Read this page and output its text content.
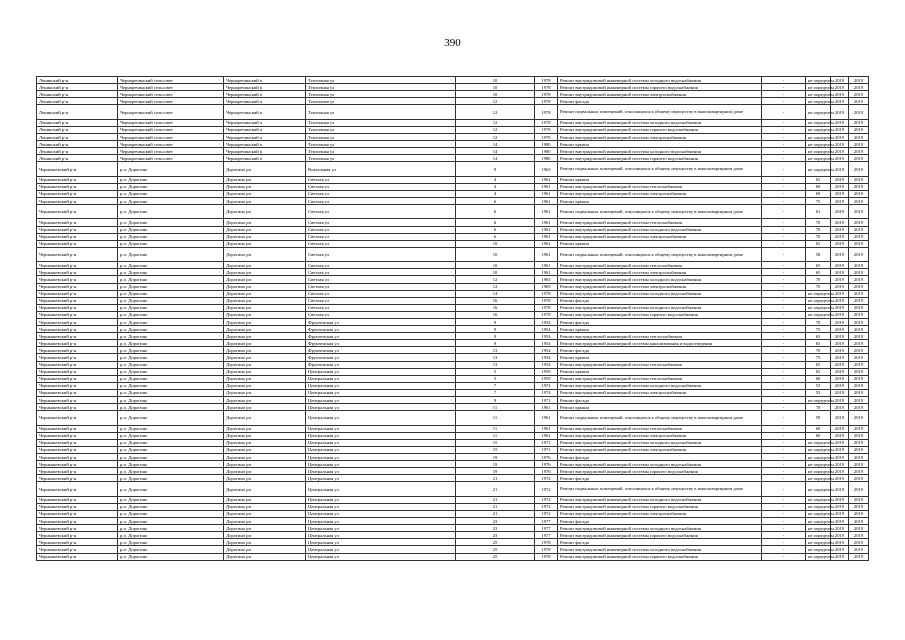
390
Ленинский р-н	Черноречинский сельсовет	Черноречинский п	Тепличная ул	10	1978	Ремонт внутридомовой инженерной системы холодного водоснабжения	-	не определен	2019	2019
Ленинский р-н	Черноречинский сельсовет	Черноречинский п	Тепличная ул	10	1978	Ремонт внутридомовой инженерной системы горячего водоснабжения	-	не определен	2019	2019
Ленинский р-н	Черноречинский сельсовет	Черноречинский п	Тепличная ул	10	1978	Ремонт внутридомовой инженерной системы электроснабжения	-	не определен	2019	2019
Ленинский р-н	Черноречинский сельсовет	Черноречинский п	Тепличная ул	12	1978	Ремонт фасада	-	не определен	2019	2019
Ленинский р-н	Черноречинский сельсовет	Черноречинский п	Тепличная ул	12	1978	Ремонт подвальных помещений, относящихся к общему имуществу в многоквартирном доме	-	не определен	2019	2019
Ленинский р-н	Черноречинский сельсовет	Черноречинский п	Тепличная ул	12	1978	Ремонт внутридомовой инженерной системы холодного водоснабжения	-	не определен	2019	2019
Ленинский р-н	Черноречинский сельсовет	Черноречинский п	Тепличная ул	12	1978	Ремонт внутридомовой инженерной системы горячего водоснабжения	-	не определен	2019	2019
Ленинский р-н	Черноречинский сельсовет	Черноречинский п	Тепличная ул	12	1978	Ремонт внутридомовой инженерной системы электроснабжения	-	не определен	2019	2019
Ленинский р-н	Черноречинский сельсовет	Черноречинский п	Тепличная ул	14	1980	Ремонт крыши	-	не определен	2019	2019
Ленинский р-н	Черноречинский сельсовет	Черноречинский п	Тепличная ул	14	1980	Ремонт внутридомовой инженерной системы холодного водоснабжения	-	не определен	2019	2019
Ленинский р-н	Черноречинский сельсовет	Черноречинский п	Тепличная ул	14	1980	Ремонт внутридомовой инженерной системы горячего водоснабжения	-	не определен	2019	2019
Чернышевский р-н	р.п. Дорогино	Дорогино рп	Вокзальная ул	9	1963	Ремонт подвальных помещений, относящихся к общему имуществу в многоквартирном доме	-	не определен	2019	2019
Чернышевский р-н	р.п. Дорогино	Дорогино рп	Светлая ул	4	1961	Ремонт крыши	-	65	2019	2019
Чернышевский р-н	р.п. Дорогино	Дорогино рп	Светлая ул	4	1961	Ремонт внутридомовой инженерной системы теплоснабжения	-	69	2019	2019
Чернышевский р-н	р.п. Дорогино	Дорогино рп	Светлая ул	4	1961	Ремонт внутридомовой инженерной системы электроснабжения	-	69	2019	2019
Чернышевский р-н	р.п. Дорогино	Дорогино рп	Светлая ул	6	1961	Ремонт крыши	-	75	2019	2019
Чернышевский р-н	р.п. Дорогино	Дорогино рп	Светлая ул	6	1961	Ремонт подвальных помещений, относящихся к общему имуществу в многоквартирном доме	-	61	2019	2019
Чернышевский р-н	р.п. Дорогино	Дорогино рп	Светлая ул	6	1961	Ремонт внутридомовой инженерной системы теплоснабжения	-	70	2019	2019
Чернышевский р-н	р.п. Дорогино	Дорогино рп	Светлая ул	6	1961	Ремонт внутридомовой инженерной системы холодного водоснабжения	-	70	2019	2019
Чернышевский р-н	р.п. Дорогино	Дорогино рп	Светлая ул	6	1961	Ремонт внутридомовой инженерной системы электроснабжения	-	70	2019	2019
Чернышевский р-н	р.п. Дорогино	Дорогино рп	Светлая ул	10	1961	Ремонт крыши	-	65	2019	2019
Чернышевский р-н	р.п. Дорогино	Дорогино рп	Светлая ул	10	1961	Ремонт подвальных помещений, относящихся к общему имуществу в многоквартирном доме	-	58	2019	2019
Чернышевский р-н	р.п. Дорогино	Дорогино рп	Светлая ул	10	1961	Ремонт внутридомовой инженерной системы теплоснабжения	-	65	2019	2019
Чернышевский р-н	р.п. Дорогино	Дорогино рп	Светлая ул	10	1961	Ремонт внутридомовой инженерной системы электроснабжения	-	65	2019	2019
Чернышевский р-н	р.п. Дорогино	Дорогино рп	Светлая ул	12	1965	Ремонт внутридомовой инженерной системы холодного водоснабжения	-	70	2019	2019
Чернышевский р-н	р.п. Дорогино	Дорогино рп	Светлая ул	12	1965	Ремонт внутридомовой инженерной системы электроснабжения	-	70	2019	2019
Чернышевский р-н	р.п. Дорогино	Дорогино рп	Светлая ул	14	1978	Ремонт внутридомовой инженерной системы холодного водоснабжения	-	не определен	2019	2019
Чернышевский р-н	р.п. Дорогино	Дорогино рп	Светлая ул	16	1978	Ремонт фасада	-	не определен	2019	2019
Чернышевский р-н	р.п. Дорогино	Дорогино рп	Светлая ул	16	1978	Ремонт внутридомовой инженерной системы холодного водоснабжения	-	не определен	2019	2019
Чернышевский р-н	р.п. Дорогино	Дорогино рп	Светлая ул	16	1978	Ремонт внутридомовой инженерной системы горячего водоснабжения	-	не определен	2019	2019
Чернышевский р-н	р.п. Дорогино	Дорогино рп	Фрунзенская ул	9	1954	Ремонт фасада	-	70	2019	2019
Чернышевский р-н	р.п. Дорогино	Дорогино рп	Фрунзенская ул	9	1954	Ремонт крыши	-	75	2019	2019
Чернышевский р-н	р.п. Дорогино	Дорогино рп	Фрунзенская ул	9	1954	Ремонт внутридомовой инженерной системы теплоснабжения	-	65	2019	2019
Чернышевский р-н	р.п. Дорогино	Дорогино рп	Фрунзенская ул	9	1954	Ремонт внутридомовой инженерной системы канализования и водоотведения	-	65	2019	2019
Чернышевский р-н	р.п. Дорогино	Дорогино рп	Фрунзенская ул	13	1954	Ремонт фасада	-	70	2019	2019
Чернышевский р-н	р.п. Дорогино	Дорогино рп	Фрунзенская ул	13	1954	Ремонт крыши	-	75	2019	2019
Чернышевский р-н	р.п. Дорогино	Дорогино рп	Фрунзенская ул	13	1954	Ремонт внутридомовой инженерной системы теплоснабжения	-	65	2019	2019
Чернышевский р-н	р.п. Дорогино	Дорогино рп	Центральная ул	5	1959	Ремонт крыши	-	65	2019	2019
Чернышевский р-н	р.п. Дорогино	Дорогино рп	Центральная ул	5	1959	Ремонт внутридомовой инженерной системы теплоснабжения	-	60	2019	2019
Чернышевский р-н	р.п. Дорогино	Дорогино рп	Центральная ул	7	1974	Ремонт внутридомовой инженерной системы холодного водоснабжения	-	53	2019	2019
Чернышевский р-н	р.п. Дорогино	Дорогино рп	Центральная ул	7	1974	Ремонт внутридомовой инженерной системы электроснабжения	-	53	2019	2019
Чернышевский р-н	р.п. Дорогино	Дорогино рп	Центральная ул	9	1971	Ремонт фасада	-	не определен	2019	2019
Чернышевский р-н	р.п. Дорогино	Дорогино рп	Центральная ул	11	1961	Ремонт крыши	-	70	2019	2019
Чернышевский р-н	р.п. Дорогино	Дорогино рп	Центральная ул	11	1961	Ремонт подвальных помещений, относящихся к общему имуществу в многоквартирном доме	-	59	2019	2019
Чернышевский р-н	р.п. Дорогино	Дорогино рп	Центральная ул	11	1961	Ремонт внутридомовой инженерной системы теплоснабжения	-	60	2019	2019
Чернышевский р-н	р.п. Дорогино	Дорогино рп	Центральная ул	11	1961	Ремонт внутридомовой инженерной системы электроснабжения	-	60	2019	2019
Чернышевский р-н	р.п. Дорогино	Дорогино рп	Центральная ул	15	1971	Ремонт внутридомовой инженерной системы холодного водоснабжения	-	не определен	2019	2019
Чернышевский р-н	р.п. Дорогино	Дорогино рп	Центральная ул	15	1971	Ремонт внутридомовой инженерной системы электроснабжения	-	не определен	2019	2019
Чернышевский р-н	р.п. Дорогино	Дорогино рп	Центральная ул	19	1976	Ремонт фасада	-	не определен	2019	2019
Чернышевский р-н	р.п. Дорогино	Дорогино рп	Центральная ул	19	1976	Ремонт внутридомовой инженерной системы холодного водоснабжения	-	не определен	2019	2019
Чернышевский р-н	р.п. Дорогино	Дорогино рп	Центральная ул	19	1976	Ремонт внутридомовой инженерной системы горячего водоснабжения	-	не определен	2019	2019
Чернышевский р-н	р.п. Дорогино	Дорогино рп	Центральная ул	21	1972	Ремонт фасада	-	не определен	2019	2019
Чернышевский р-н	р.п. Дорогино	Дорогино рп	Центральная ул	21	1972	Ремонт подвальных помещений, относящихся к общему имуществу в многоквартирном доме	-	не определен	2019	2019
Чернышевский р-н	р.п. Дорогино	Дорогино рп	Центральная ул	21	1972	Ремонт внутридомовой инженерной системы холодного водоснабжения	-	не определен	2019	2019
Чернышевский р-н	р.п. Дорогино	Дорогино рп	Центральная ул	21	1972	Ремонт внутридомовой инженерной системы горячего водоснабжения	-	не определен	2019	2019
Чернышевский р-н	р.п. Дорогино	Дорогино рп	Центральная ул	21	1972	Ремонт внутридомовой инженерной системы электроснабжения	-	не определен	2019	2019
Чернышевский р-н	р.п. Дорогино	Дорогино рп	Центральная ул	23	1977	Ремонт фасада	-	не определен	2019	2019
Чернышевский р-н	р.п. Дорогино	Дорогино рп	Центральная ул	23	1977	Ремонт внутридомовой инженерной системы холодного водоснабжения	-	не определен	2019	2019
Чернышевский р-н	р.п. Дорогино	Дорогино рп	Центральная ул	23	1977	Ремонт внутридомовой инженерной системы горячего водоснабжения	-	не определен	2019	2019
Чернышевский р-н	р.п. Дорогино	Дорогино рп	Центральная ул	25	1978	Ремонт фасада	-	не определен	2019	2019
Чернышевский р-н	р.п. Дорогино	Дорогино рп	Центральная ул	25	1978	Ремонт внутридомовой инженерной системы холодного водоснабжения	-	не определен	2019	2019
Чернышевский р-н	р.п. Дорогино	Дорогино рп	Центральная ул	25	1978	Ремонт внутридомовой инженерной системы горячего водоснабжения	-	не определен	2019	2019
